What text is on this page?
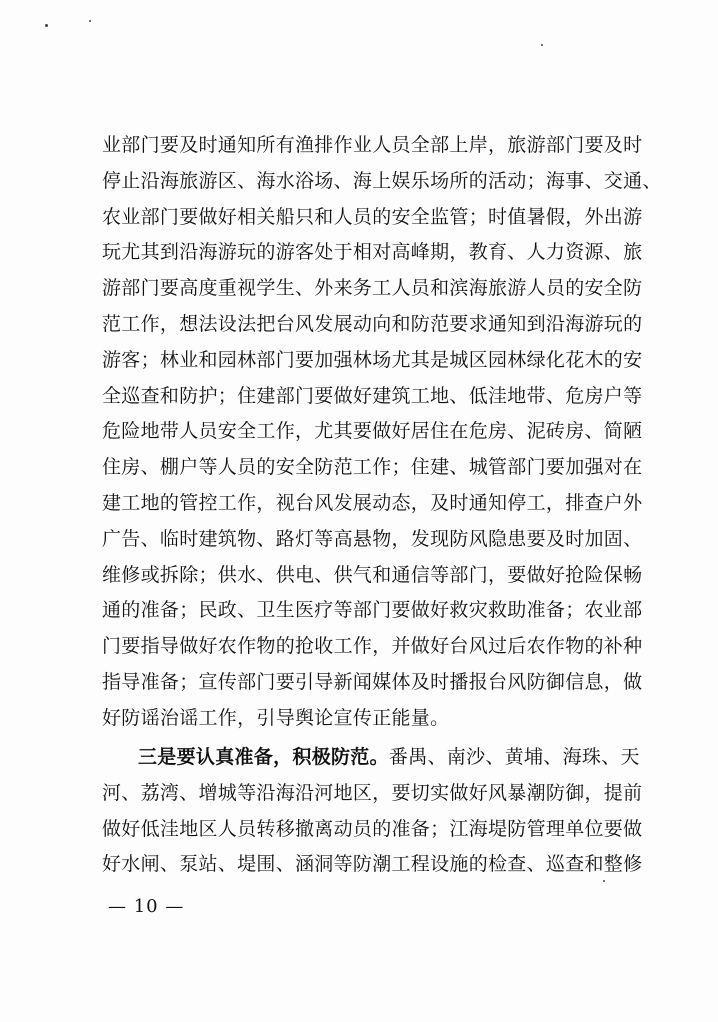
业部门要及时通知所有渔排作业人员全部上岸，旅游部门要及时
停止沿海旅游区、海水浴场、海上娱乐场所的活动；海事、交通、
农业部门要做好相关船只和人员的安全监管；时值暑假，外出游
玩尤其到沿海游玩的游客处于相对高峰期，教育、人力资源、旅
游部门要高度重视学生、外来务工人员和滨海旅游人员的安全防
范工作，想法设法把台风发展动向和防范要求通知到沿海游玩的
游客；林业和园林部门要加强林场尤其是城区园林绿化花木的安
全巡查和防护；住建部门要做好建筑工地、低洼地带、危房户等
危险地带人员安全工作，尤其要做好居住在危房、泥砖房、简陋
住房、棚户等人员的安全防范工作；住建、城管部门要加强对在
建工地的管控工作，视台风发展动态，及时通知停工，排查户外
广告、临时建筑物、路灯等高悬物，发现防风隐患要及时加固、
维修或拆除；供水、供电、供气和通信等部门，要做好抢险保畅
通的准备；民政、卫生医疗等部门要做好救灾救助准备；农业部
门要指导做好农作物的抢收工作，并做好台风过后农作物的补种
指导准备；宣传部门要引导新闻媒体及时播报台风防御信息，做
好防谣治谣工作，引导舆论宣传正能量。
三是要认真准备，积极防范。番禺、南沙、黄埔、海珠、天
河、荔湾、增城等沿海沿河地区，要切实做好风暴潮防御，提前
做好低洼地区人员转移撤离动员的准备；江海堤防管理单位要做
好水闸、泵站、堤围、涵洞等防潮工程设施的检查、巡查和整修
— 10 —
